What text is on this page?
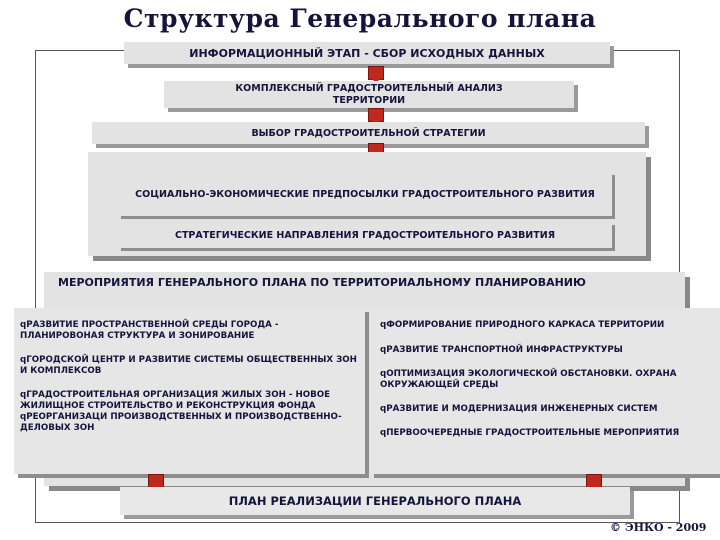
Структура Генерального плана
ИНФОРМАЦИОННЫЙ ЭТАП - СБОР ИСХОДНЫХ ДАННЫХ
КОМПЛЕКСНЫЙ ГРАДОСТРОИТЕЛЬНЫЙ АНАЛИЗ ТЕРРИТОРИИ
ВЫБОР ГРАДОСТРОИТЕЛЬНОЙ СТРАТЕГИИ
СОЦИАЛЬНО-ЭКОНОМИЧЕСКИЕ ПРЕДПОСЫЛКИ ГРАДОСТРОИТЕЛЬНОГО РАЗВИТИЯ
СТРАТЕГИЧЕСКИЕ НАПРАВЛЕНИЯ ГРАДОСТРОИТЕЛЬНОГО РАЗВИТИЯ
МЕРОПРИЯТИЯ ГЕНЕРАЛЬНОГО ПЛАНА ПО ТЕРРИТОРИАЛЬНОМУ ПЛАНИРОВАНИЮ

qРАЗВИТИЕ ПРОСТРАНСТВЕННОЙ СРЕДЫ ГОРОДА - ПЛАНИРОВОНАЯ СТРУКТУРА И ЗОНИРОВАНИЕ

qГОРОДСКОЙ ЦЕНТР И РАЗВИТИЕ СИСТЕМЫ ОБЩЕСТВЕННЫХ ЗОН И КОМПЛЕКСОВ

qГРАДОСТРОИТЕЛЬНАЯ ОРГАНИЗАЦИЯ ЖИЛЫХ ЗОН - НОВОЕ ЖИЛИЩНОЕ СТРОИТЕЛЬСТВО И РЕКОНСТРУКЦИЯ ФОНДА

qРЕОРГАНИЗАЦИ ПРОИЗВОДСТВЕННЫХ И ПРОИЗВОДСТВЕННО-ДЕЛОВЫХ ЗОН

qФОРМИРОВАНИЕ ПРИРОДНОГО КАРКАСА ТЕРРИТОРИИ

qРАЗВИТИЕ ТРАНСПОРТНОЙ ИНФРАСТРУКТУРЫ

qОПТИМИЗАЦИЯ ЭКОЛОГИЧЕСКОЙ ОБСТАНОВКИ. ОХРАНА ОКРУЖАЮЩЕЙ СРЕДЫ

qРАЗВИТИЕ И МОДЕРНИЗАЦИЯ ИНЖЕНЕРНЫХ СИСТЕМ

qПЕРВООЧЕРЕДНЫЕ ГРАДОСТРОИТЕЛЬНЫЕ МЕРОПРИЯТИЯ

ПЛАН РЕАЛИЗАЦИИ ГЕНЕРАЛЬНОГО ПЛАНА
© ЭНКО - 2009
